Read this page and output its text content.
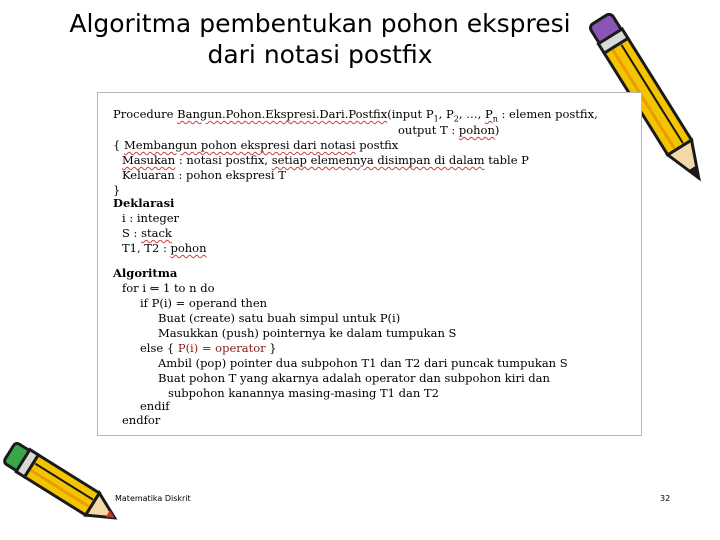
Algoritma pembentukan pohon ekspresi
dari notasi postfix
Procedure Bangun.Pohon.Ekspresi.Dari.Postfix(input $P_1$, $P_2$, …, $P_n$ : elemen postfix,
output T : pohon)
{ Membangun pohon ekspresi dari notasi postfix
Masukan : notasi postfix, setiap elemennya disimpan di dalam table P
Keluaran : pohon ekspresi T
}
Deklarasi
i : integer
S : stack
T1, T2 : pohon
Algoritma
for i ⇐ 1 to n do
if P(i) = operand then
Buat (create) satu buah simpul untuk P(i)
Masukkan (push) pointernya ke dalam tumpukan S
else { P(i) = operator }
Ambil (pop) pointer dua subpohon T1 dan T2 dari puncak tumpukan S
Buat pohon T yang akarnya adalah operator dan subpohon kiri dan
subpohon kanannya masing-masing T1 dan T2
endif
endfor
Matematika Diskrit	32
